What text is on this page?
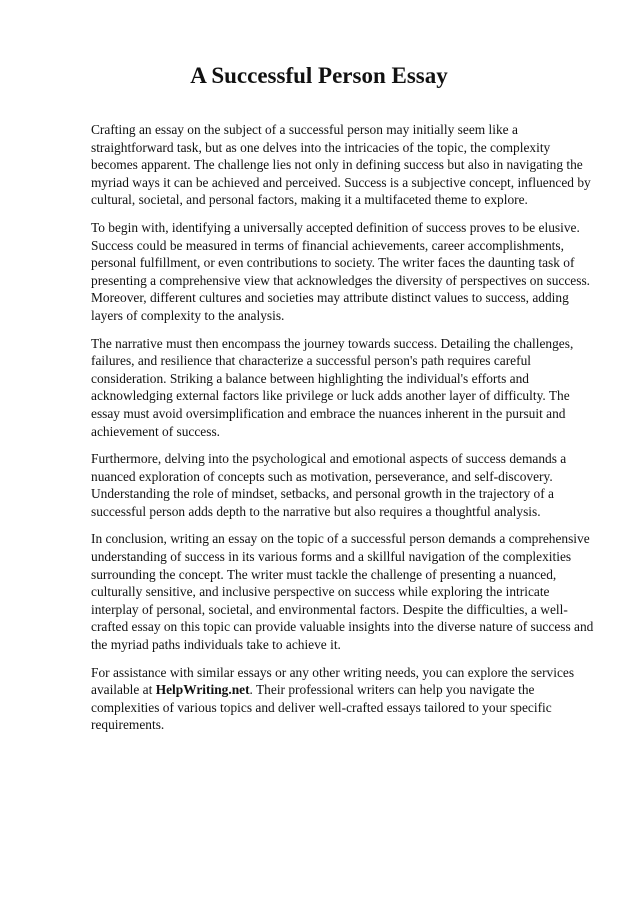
A Successful Person Essay

Crafting an essay on the subject of a successful person may initially seem like a straightforward task, but as one delves into the intricacies of the topic, the complexity becomes apparent. The challenge lies not only in defining success but also in navigating the myriad ways it can be achieved and perceived. Success is a subjective concept, influenced by cultural, societal, and personal factors, making it a multifaceted theme to explore.

To begin with, identifying a universally accepted definition of success proves to be elusive. Success could be measured in terms of financial achievements, career accomplishments, personal fulfillment, or even contributions to society. The writer faces the daunting task of presenting a comprehensive view that acknowledges the diversity of perspectives on success. Moreover, different cultures and societies may attribute distinct values to success, adding layers of complexity to the analysis.

The narrative must then encompass the journey towards success. Detailing the challenges, failures, and resilience that characterize a successful person's path requires careful consideration. Striking a balance between highlighting the individual's efforts and acknowledging external factors like privilege or luck adds another layer of difficulty. The essay must avoid oversimplification and embrace the nuances inherent in the pursuit and achievement of success.

Furthermore, delving into the psychological and emotional aspects of success demands a nuanced exploration of concepts such as motivation, perseverance, and self-discovery. Understanding the role of mindset, setbacks, and personal growth in the trajectory of a successful person adds depth to the narrative but also requires a thoughtful analysis.

In conclusion, writing an essay on the topic of a successful person demands a comprehensive understanding of success in its various forms and a skillful navigation of the complexities surrounding the concept. The writer must tackle the challenge of presenting a nuanced, culturally sensitive, and inclusive perspective on success while exploring the intricate interplay of personal, societal, and environmental factors. Despite the difficulties, a well-crafted essay on this topic can provide valuable insights into the diverse nature of success and the myriad paths individuals take to achieve it.

For assistance with similar essays or any other writing needs, you can explore the services available at HelpWriting.net. Their professional writers can help you navigate the complexities of various topics and deliver well-crafted essays tailored to your specific requirements.
